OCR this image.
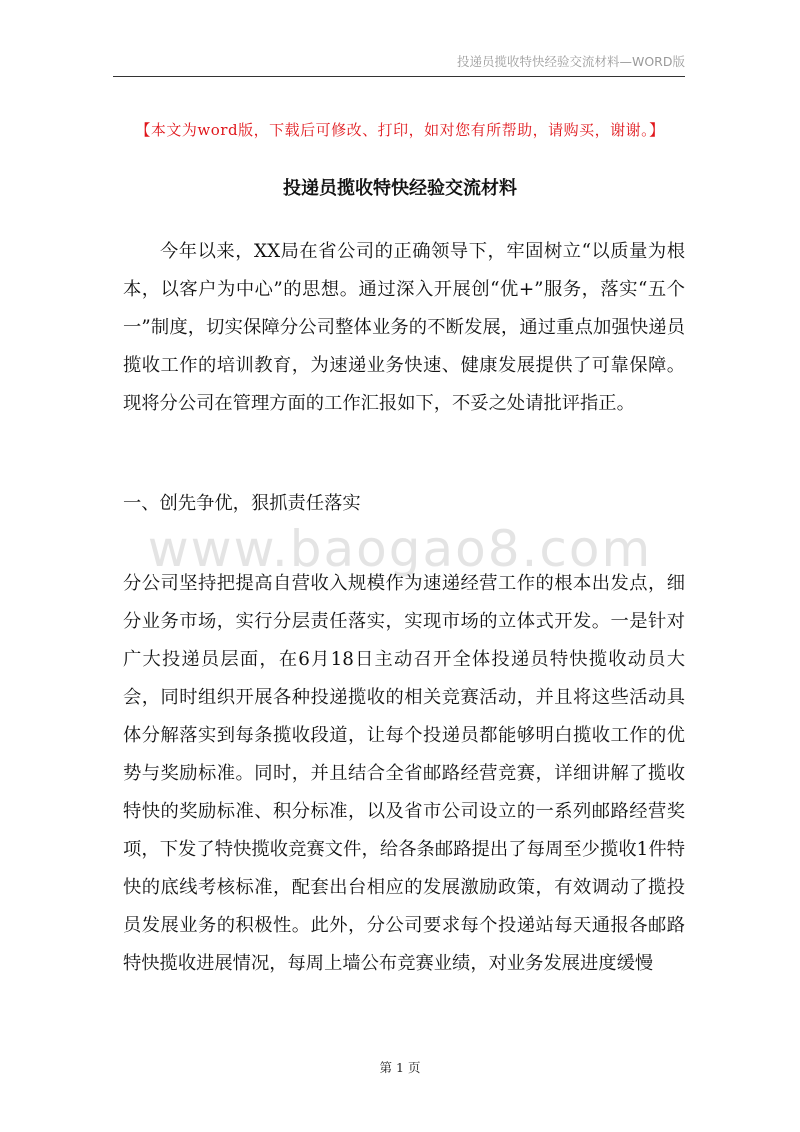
投递员揽收特快经验交流材料—WORD版
【本文为word版，下载后可修改、打印，如对您有所帮助，请购买，谢谢。】
投递员揽收特快经验交流材料

今年以来，XX局在省公司的正确领导下，牢固树立“以质量为根本，以客户为中心”的思想。通过深入开展创“优+”服务，落实“五个一”制度，切实保障分公司整体业务的不断发展，通过重点加强快递员揽收工作的培训教育，为速递业务快速、健康发展提供了可靠保障。现将分公司在管理方面的工作汇报如下，不妥之处请批评指正。

一、创先争优，狠抓责任落实
www.baogao8.com

分公司坚持把提高自营收入规模作为速递经营工作的根本出发点，细分业务市场，实行分层责任落实，实现市场的立体式开发。一是针对广大投递员层面，在6月18日主动召开全体投递员特快揽收动员大会，同时组织开展各种投递揽收的相关竞赛活动，并且将这些活动具体分解落实到每条揽收段道，让每个投递员都能够明白揽收工作的优势与奖励标准。同时，并且结合全省邮路经营竞赛，详细讲解了揽收特快的奖励标准、积分标准，以及省市公司设立的一系列邮路经营奖项，下发了特快揽收竞赛文件，给各条邮路提出了每周至少揽收1件特快的底线考核标准，配套出台相应的发展激励政策，有效调动了揽投员发展业务的积极性。此外，分公司要求每个投递站每天通报各邮路特快揽收进展情况，每周上墙公布竞赛业绩，对业务发展进度缓慢

第 1 页
